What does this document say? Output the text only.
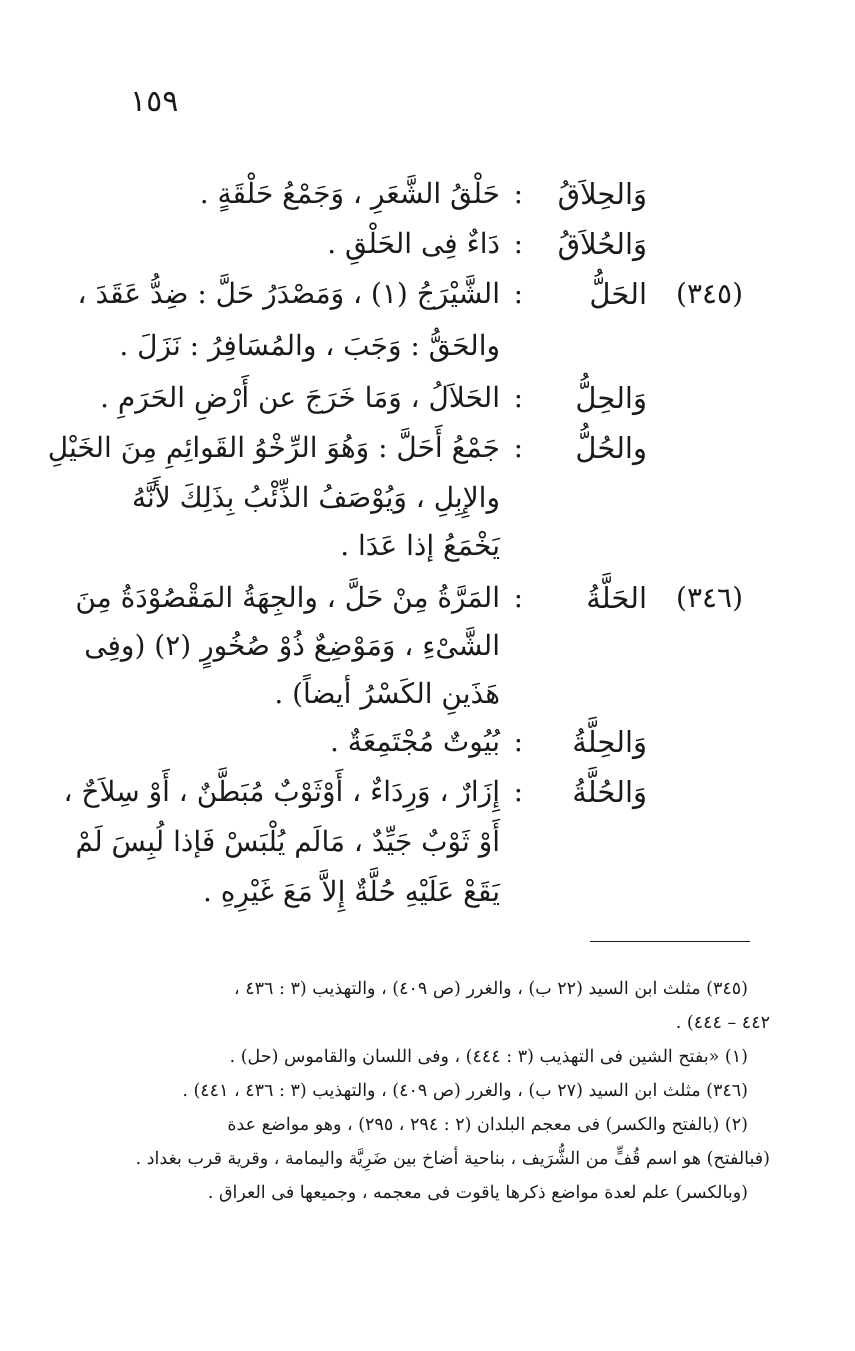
١٥٩
وَالحِلاَقُ
:
حَلْقُ الشَّعَرِ ، وَجَمْعُ حَلْقَةٍ .
وَالحُلاَقُ
:
دَاءٌ فِى الحَلْقِ .
(٣٤٥)
الحَلُّ
:
الشَّيْرَجُ (١) ، وَمَصْدَرُ حَلَّ : ضِدُّ عَقَدَ ،
والحَقُّ : وَجَبَ ، والمُسَافِرُ : نَزَلَ .
وَالحِلُّ
:
الحَلاَلُ ، وَمَا خَرَجَ عن أَرْضِ الحَرَمِ .
والحُلُّ
:
جَمْعُ أَحَلَّ : وَهُوَ الرِّخْوُ القَوائِمِ مِنَ الخَيْلِ
والإِبِلِ ، وَيُوْصَفُ الذِّئْبُ بِذَلِكَ لأَنَّهُ
يَخْمَعُ إذا عَدَا .
(٣٤٦)
الحَلَّةُ
:
المَرَّةُ مِنْ حَلَّ ، والجِهَةُ المَقْصُوْدَةُ مِنَ
الشَّىْءِ ، وَمَوْضِعٌ ذُوْ صُخُورٍ (٢) (وفِى
هَذَينِ الكَسْرُ أيضاً) .
وَالحِلَّةُ
:
بُيُوتٌ مُجْتَمِعَةٌ .
وَالحُلَّةُ
:
إِزَارٌ ، وَرِدَاءٌ ، أَوْثَوْبٌ مُبَطَّنٌ ، أَوْ سِلاَحٌ ،
أَوْ ثَوْبٌ جَيِّدٌ ، مَالَم يُلْبَسْ فَإذا لُبِسَ لَمْ
يَقَعْ عَلَيْهِ حُلَّةٌ إِلاَّ مَعَ غَيْرِهِ .
(٣٤٥) مثلث ابن السيد (٢٢ ب) ، والغرر (ص ٤٠٩) ، والتهذيب (٣ : ٤٣٦ ،
٤٤٢ – ٤٤٤) .
(١) «بفتح الشين فى التهذيب (٣ : ٤٤٤) ، وفى اللسان والقاموس (حل) .
(٣٤٦) مثلث ابن السيد (٢٧ ب) ، والغرر (ص ٤٠٩) ، والتهذيب (٣ : ٤٣٦ ، ٤٤١) .
(٢) (بالفتح والكسر) فى معجم البلدان (٢ : ٢٩٤ ، ٢٩٥) ، وهو مواضع عدة
(فبالفتح) هو اسم قُفٍّ من الشُّرَيف ، بناحية أضاخ بين ضَرِيَّة واليمامة ، وقرية قرب بغداد .
(وبالكسر) علم لعدة مواضع ذكرها ياقوت فى معجمه ، وجميعها فى العراق .
